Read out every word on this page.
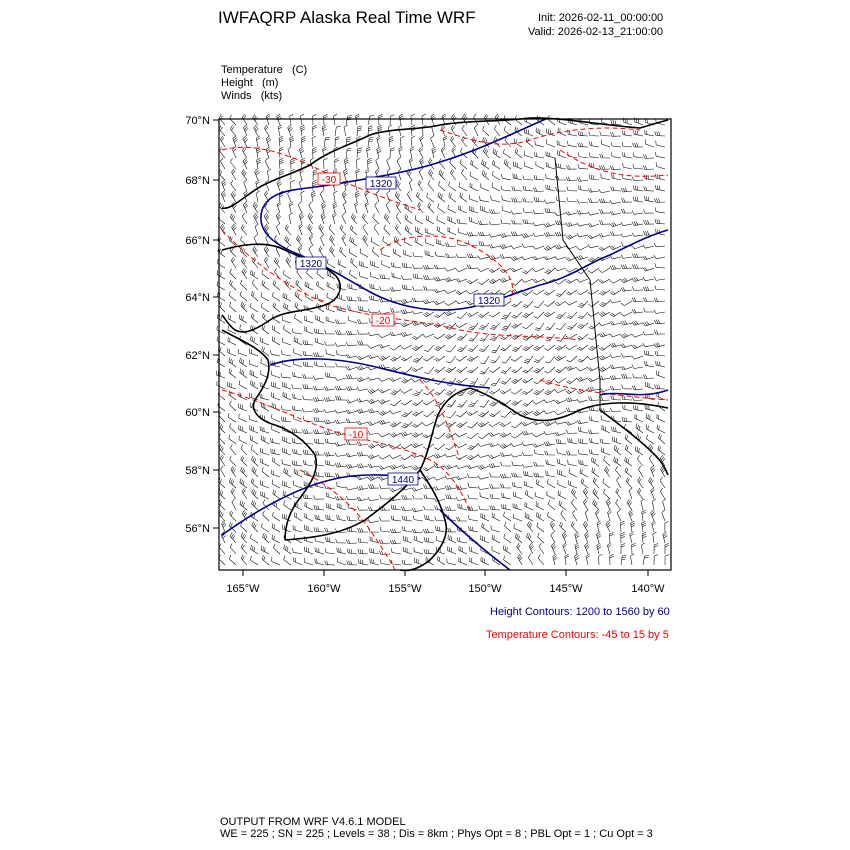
IWFAQRP Alaska Real Time WRF	Init: 2026-02-11_00:00:00
Valid: 2026-02-13_21:00:00
Temperature (C)
Height (m)
Winds (kts)
70°N
68°N
66°N
64°N
62°N
60°N
58°N
56°N
165°W	160°W	155°W	150°W	145°W	140°W
1320
1320
1320
1440
-30
-20
-10
Height Contours: 1200 to 1560 by 60
Temperature Contours: -45 to 15 by 5
OUTPUT FROM WRF V4.6.1 MODEL
WE = 225 ; SN = 225 ; Levels = 38 ; Dis = 8km ; Phys Opt = 8 ; PBL Opt = 1 ; Cu Opt = 3
